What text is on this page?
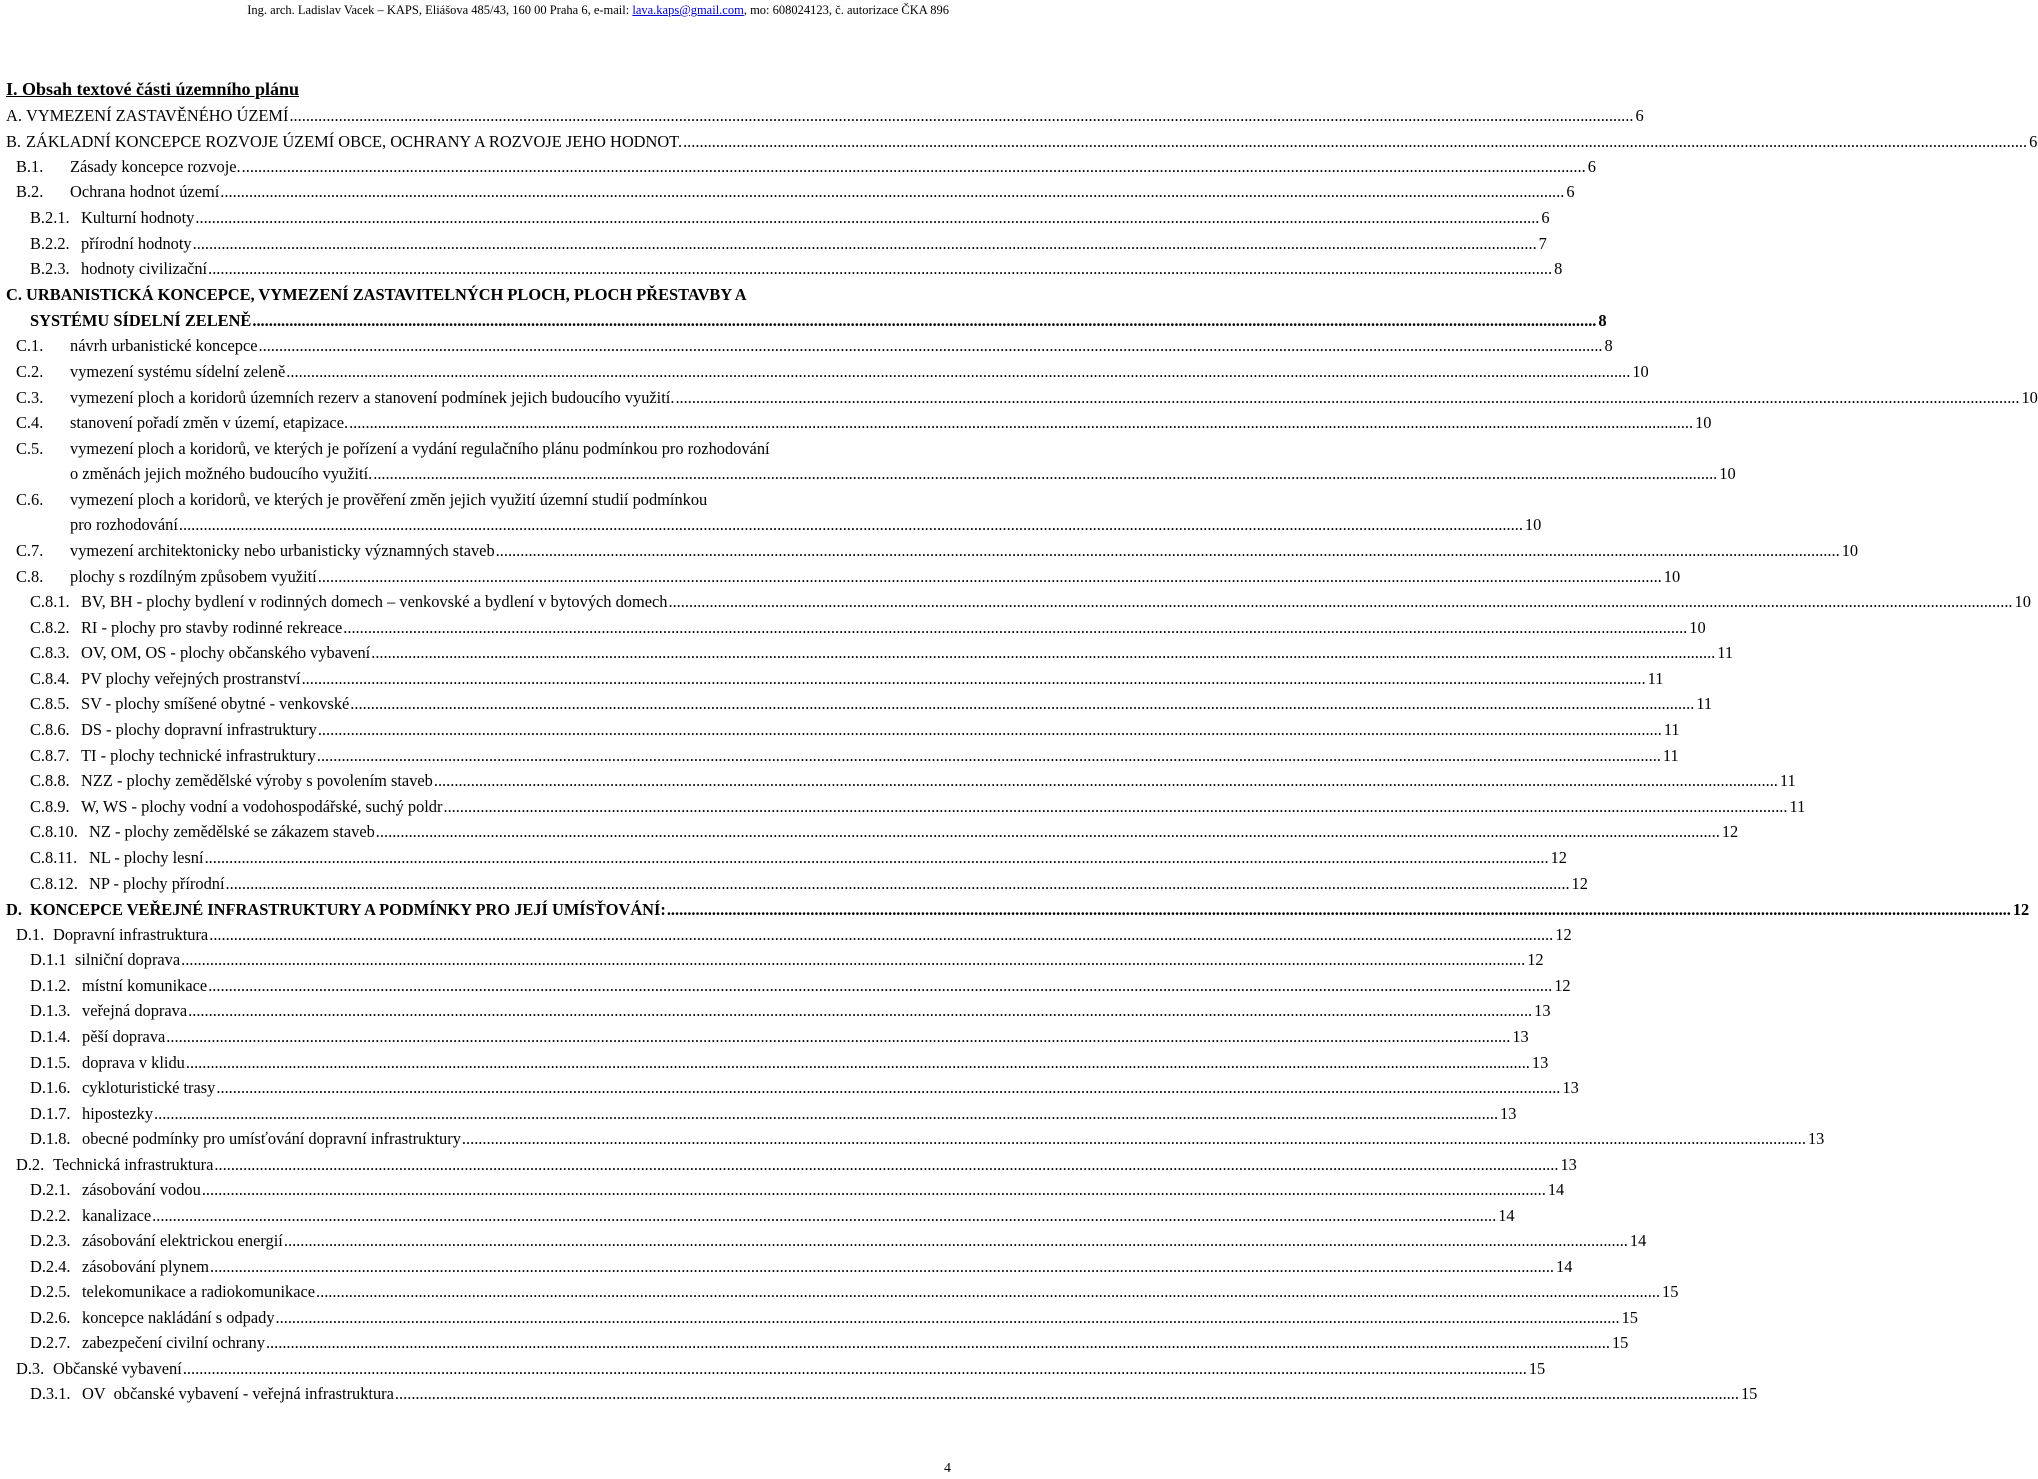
Ing. arch. Ladislav Vacek – KAPS, Eliášova 485/43, 160 00 Praha 6, e-mail: lava.kaps@gmail.com, mo: 608024123, č. autorizace ČKA 896
I. Obsah textové části územního plánu
A. VYMEZENÍ ZASTAVĚNÉHO ÚZEMÍ .....	6
B. ZÁKLADNÍ KONCEPCE ROZVOJE ÚZEMÍ OBCE, OCHRANY A ROZVOJE JEHO HODNOT. .....	6
B.1.	Zásady koncepce rozvoje. .....	6
B.2.	Ochrana hodnot území .....	6
B.2.1. Kulturní hodnoty .....	6
B.2.2. přírodní hodnoty .....	7
B.2.3. hodnoty civilizační .....	8
C. URBANISTICKÁ KONCEPCE, VYMEZENÍ ZASTAVITELNÝCH PLOCH, PLOCH PŘESTAVBY A
SYSTÉMU SÍDELNÍ ZELENĚ .....	8
C.1.	návrh urbanistické koncepce .....	8
C.2.	vymezení systému sídelní zeleně .....	10
C.3.	vymezení ploch a koridorů územních rezerv a stanovení podmínek jejich budoucího využití. .....	10
C.4.	stanovení pořadí změn v území, etapizace. .....	10
C.5. vymezení ploch a koridorů, ve kterých je pořízení a vydání regulačního plánu podmínkou pro rozhodování
o změnách jejich možného budoucího využití. .....	10
C.6. vymezení ploch a koridorů, ve kterých je prověření změn jejich využití územní studií podmínkou
pro rozhodování .....	10
C.7.	vymezení architektonicky nebo urbanisticky významných staveb .....	10
C.8.	plochy s rozdílným způsobem využití .....	10
C.8.1. BV, BH - plochy bydlení v rodinných domech – venkovské a bydlení v bytových domech .....	10
C.8.2. RI - plochy pro stavby rodinné rekreace .....	10
C.8.3. OV, OM, OS - plochy občanského vybavení .....	11
C.8.4. PV plochy veřejných prostranství .....	11
C.8.5. SV - plochy smíšené obytné - venkovské .....	11
C.8.6. DS - plochy dopravní infrastruktury .....	11
C.8.7. TI - plochy technické infrastruktury .....	11
C.8.8. NZZ - plochy zemědělské výroby s povolením staveb .....	11
C.8.9. W, WS - plochy vodní a vodohospodářské, suchý poldr .....	11
C.8.10. NZ - plochy zemědělské se zákazem staveb .....	12
C.8.11. NL - plochy lesní .....	12
C.8.12. NP - plochy přírodní .....	12
D. KONCEPCE VEŘEJNÉ INFRASTRUKTURY A PODMÍNKY PRO JEJÍ UMÍSŤOVÁNÍ: .....	12
D.1. Dopravní infrastruktura .....	12
D.1.1 silniční doprava .....	12
D.1.2. místní komunikace .....	12
D.1.3. veřejná doprava .....	13
D.1.4. pěší doprava .....	13
D.1.5. doprava v klidu .....	13
D.1.6. cykloturistické trasy .....	13
D.1.7. hipostezky .....	13
D.1.8. obecné podmínky pro umísťování dopravní infrastruktury .....	13
D.2. Technická infrastruktura .....	13
D.2.1. zásobování vodou .....	14
D.2.2. kanalizace .....	14
D.2.3. zásobování elektrickou energií .....	14
D.2.4. zásobování plynem .....	14
D.2.5. telekomunikace a radiokomunikace .....	15
D.2.6. koncepce nakládání s odpady .....	15
D.2.7. zabezpečení civilní ochrany .....	15
D.3. Občanské vybavení .....	15
D.3.1. OV  občanské vybavení - veřejná infrastruktura .....	15
4
